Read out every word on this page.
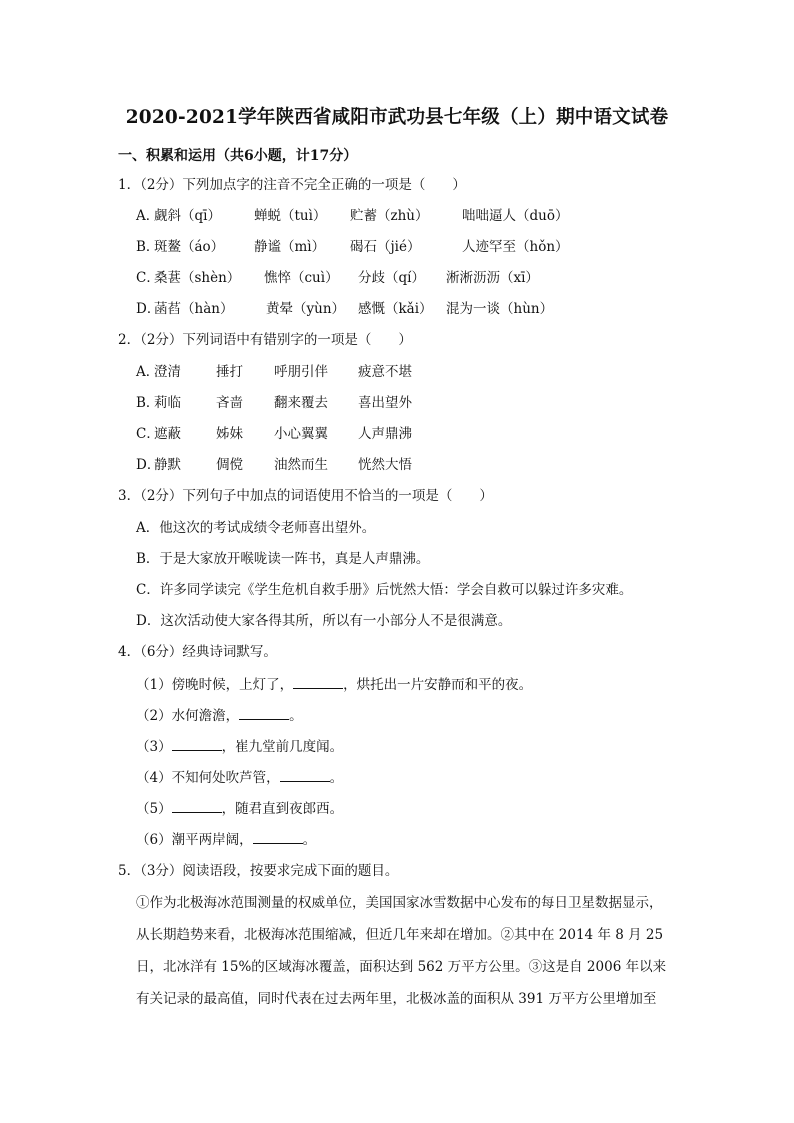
2020-2021学年陕西省咸阳市武功县七年级（上）期中语文试卷
一、积累和运用（共6小题，计17分）
1．（2分）下列加点字的注音不完全正确的一项是（　　）
A．
觑斜（qī） 蝉蜕（tuì） 贮蓄（zhù） 咄咄逼人（duō）
B．
斑鳌（áo） 静谧（mì） 碣石（jié）	人迹罕至（hǒn）
C．
桑葚（shèn） 憔悴（cuì） 分歧（qí） 淅淅沥沥（xī）
D．
菡萏（hàn） 黄晕（yùn） 感慨（kǎi） 混为一谈（hùn）
2．（2分）下列词语中有错别字的一项是（　　）
A．
澄清	捶打 呼朋引伴 疲意不堪
B．
莉临	吝啬 翻来覆去 喜出望外
C．
遮蔽	姊妹 小心翼翼 人声鼎沸
D．
静默	倜傥 油然而生 恍然大悟
3．（2分）下列句子中加点的词语使用不恰当的一项是（　　）
A．他这次的考试成绩令老师喜出望外。
B．于是大家放开喉咙读一阵书，真是人声鼎沸。
C．许多同学读完《学生危机自救手册》后恍然大悟：学会自救可以躲过许多灾难。
D．这次活动使大家各得其所，所以有一小部分人不是很满意。
4．（6分）经典诗词默写。
（1）傍晚时候，上灯了，	，烘托出一片安静而和平的夜。
（2）水何澹澹，	。
（3）	，崔九堂前几度闻。
（4）不知何处吹芦管，	。
（5）	，随君直到夜郎西。
（6）潮平两岸阔，	。
5．（3分）阅读语段，按要求完成下面的题目。
①作为北极海冰范围测量的权威单位，美国国家冰雪数据中心发布的每日卫星数据显示，
从长期趋势来看，北极海冰范围缩减，但近几年来却在增加。②其中在 2014 年 8 月 25
日，北冰洋有 15%的区域海冰覆盖，面积达到 562 万平方公里。③这是自 2006 年以来
有关记录的最高值，同时代表在过去两年里，北极冰盖的面积从 391 万平方公里增加至
